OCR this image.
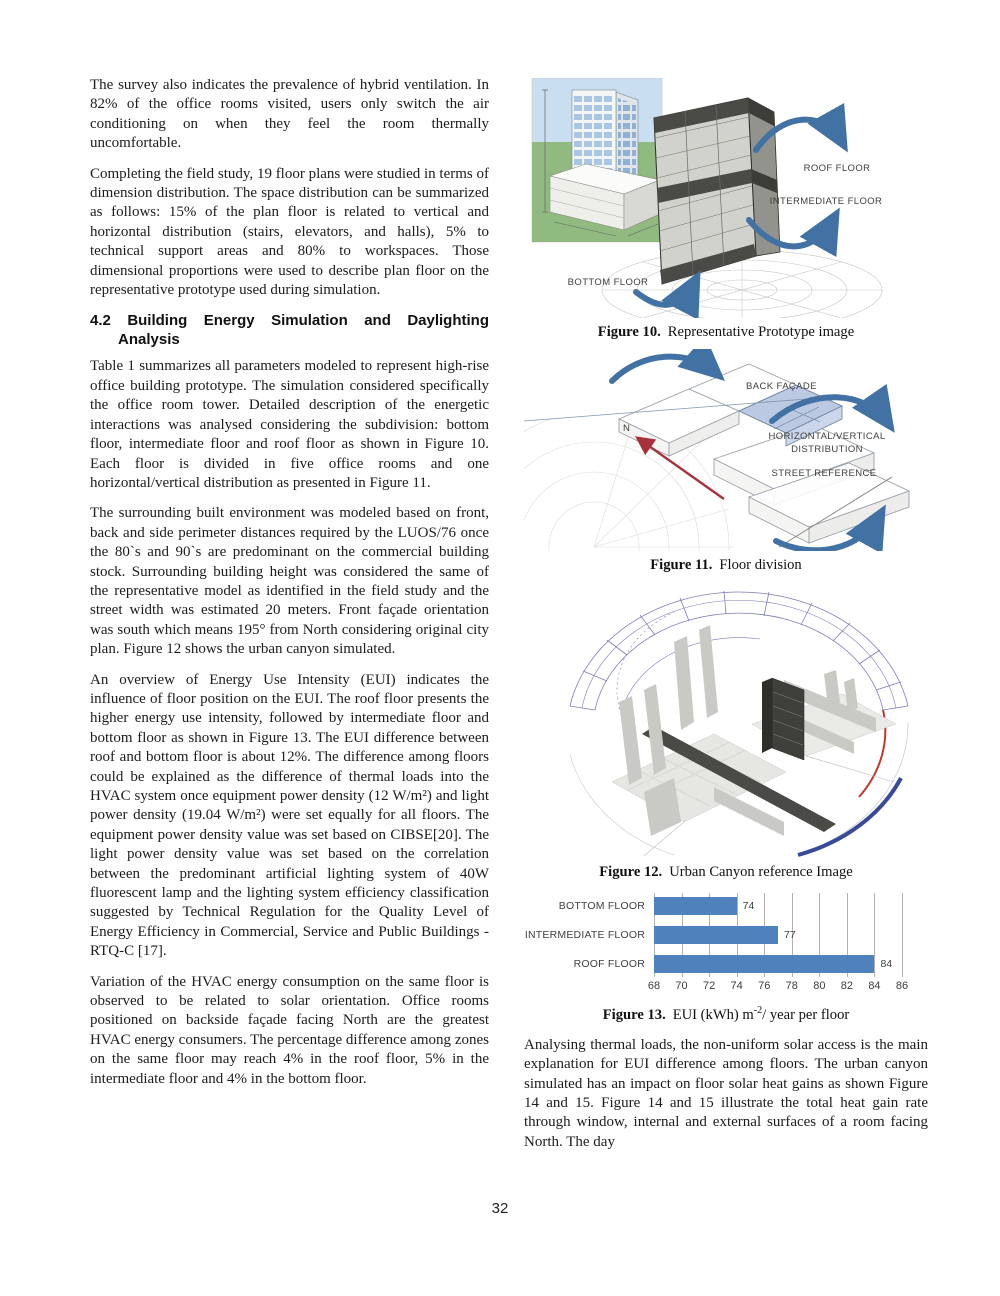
The survey also indicates the prevalence of hybrid ventilation. In 82% of the office rooms visited, users only switch the air conditioning on when they feel the room thermally uncomfortable.

Completing the field study, 19 floor plans were studied in terms of dimension distribution. The space distribution can be summarized as follows: 15% of the plan floor is related to vertical and horizontal distribution (stairs, elevators, and halls), 5% to technical support areas and 80% to workspaces. Those dimensional proportions were used to describe plan floor on the representative prototype used during simulation.

4.2 Building Energy Simulation and Daylighting Analysis

Table 1 summarizes all parameters modeled to represent high-rise office building prototype. The simulation considered specifically the office room tower. Detailed description of the energetic interactions was analysed considering the subdivision: bottom floor, intermediate floor and roof floor as shown in Figure 10. Each floor is divided in five office rooms and one horizontal/vertical distribution as presented in Figure 11.

The surrounding built environment was modeled based on front, back and side perimeter distances required by the LUOS/76 once the 80`s and 90`s are predominant on the commercial building stock. Surrounding building height was considered the same of the representative model as identified in the field study and the street width was estimated 20 meters. Front façade orientation was south which means 195° from North considering original city plan. Figure 12 shows the urban canyon simulated.

An overview of Energy Use Intensity (EUI) indicates the influence of floor position on the EUI. The roof floor presents the higher energy use intensity, followed by intermediate floor and bottom floor as shown in Figure 13. The EUI difference between roof and bottom floor is about 12%. The difference among floors could be explained as the difference of thermal loads into the HVAC system once equipment power density (12 W/m²) and light power density (19.04 W/m²) were set equally for all floors. The equipment power density value was set based on CIBSE[20]. The light power density value was set based on the correlation between the predominant artificial lighting system of 40W fluorescent lamp and the lighting system efficiency classification suggested by Technical Regulation for the Quality Level of Energy Efficiency in Commercial, Service and Public Buildings -RTQ-C [17].

Variation of the HVAC energy consumption on the same floor is observed to be related to solar orientation. Office rooms positioned on backside façade facing North are the greatest HVAC energy consumers. The percentage difference among zones on the same floor may reach 4% in the roof floor, 5% in the intermediate floor and 4% in the bottom floor.

ROOF FLOOR
INTERMEDIATE FLOOR
BOTTOM FLOOR
Figure 10. Representative Prototype image
N
BACK FAÇADE
HORIZONTAL/VERTICAL
DISTRIBUTION
STREET REFERENCE
Figure 11. Floor division
Figure 12. Urban Canyon reference Image
BOTTOM FLOOR
INTERMEDIATE FLOOR
ROOF FLOOR
74
77
84
68 70 72 74 76 78 80 82 84 86
Figure 13. EUI (kWh) $m^{-2}/$ year per floor

Analysing thermal loads, the non-uniform solar access is the main explanation for EUI difference among floors. The urban canyon simulated has an impact on floor solar heat gains as shown Figure 14 and 15. Figure 14 and 15 illustrate the total heat gain rate through window, internal and external surfaces of a room facing North. The day

32
